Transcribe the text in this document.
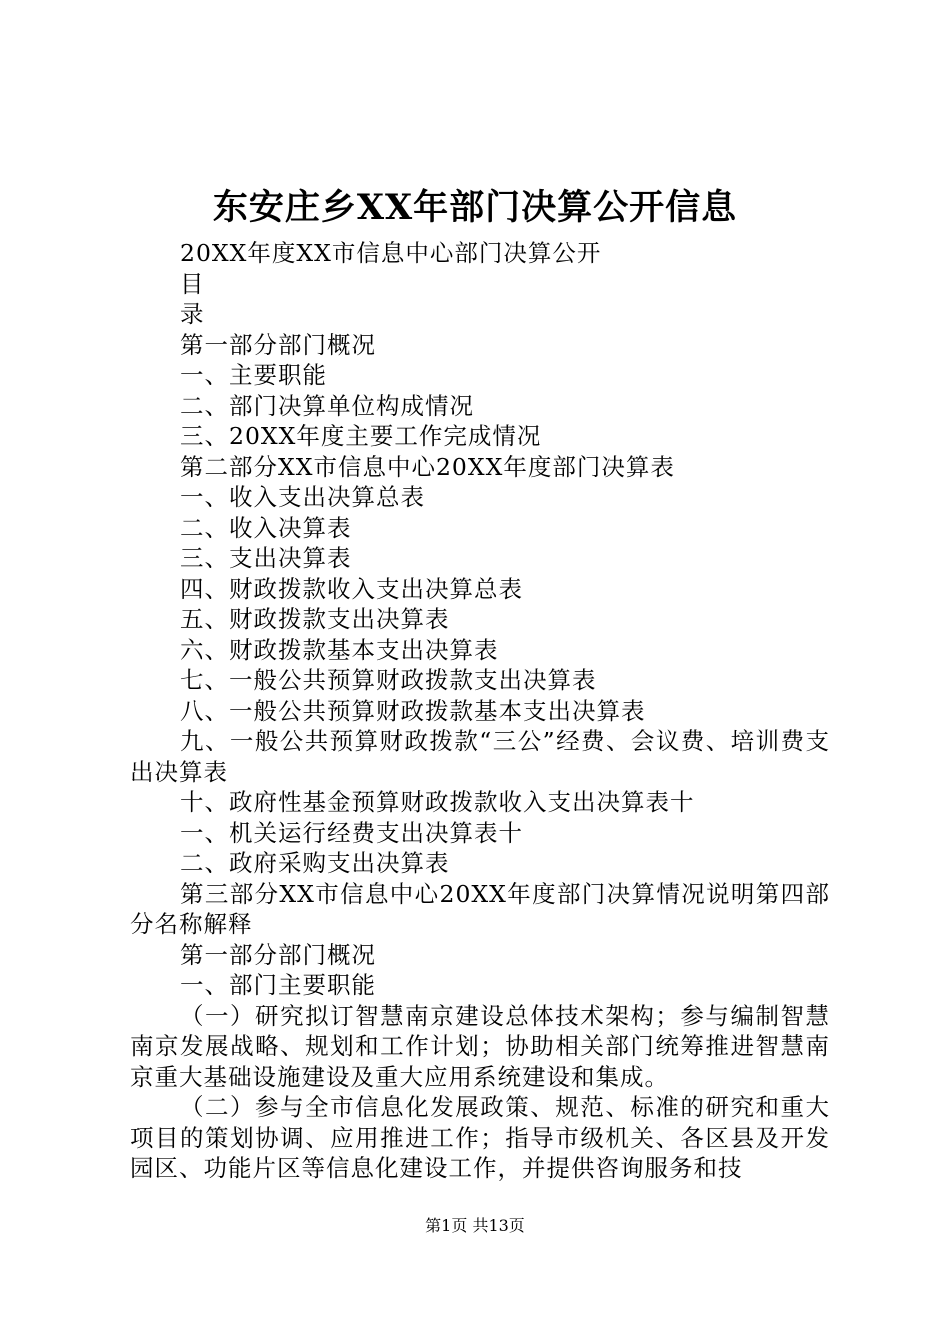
东安庄乡XX年部门决算公开信息
20XX年度XX市信息中心部门决算公开
目
录
第一部分部门概况
一、主要职能
二、部门决算单位构成情况
三、20XX年度主要工作完成情况
第二部分XX市信息中心20XX年度部门决算表
一、收入支出决算总表
二、收入决算表
三、支出决算表
四、财政拨款收入支出决算总表
五、财政拨款支出决算表
六、财政拨款基本支出决算表
七、一般公共预算财政拨款支出决算表
八、一般公共预算财政拨款基本支出决算表
九、一般公共预算财政拨款“三公”经费、会议费、培训费支出决算表
十、政府性基金预算财政拨款收入支出决算表十
一、机关运行经费支出决算表十
二、政府采购支出决算表
第三部分XX市信息中心20XX年度部门决算情况说明第四部分名称解释
第一部分部门概况
一、部门主要职能
（一）研究拟订智慧南京建设总体技术架构；参与编制智慧南京发展战略、规划和工作计划；协助相关部门统筹推进智慧南京重大基础设施建设及重大应用系统建设和集成。
（二）参与全市信息化发展政策、规范、标准的研究和重大项目的策划协调、应用推进工作；指导市级机关、各区县及开发园区、功能片区等信息化建设工作，并提供咨询服务和技
第1页 共13页
